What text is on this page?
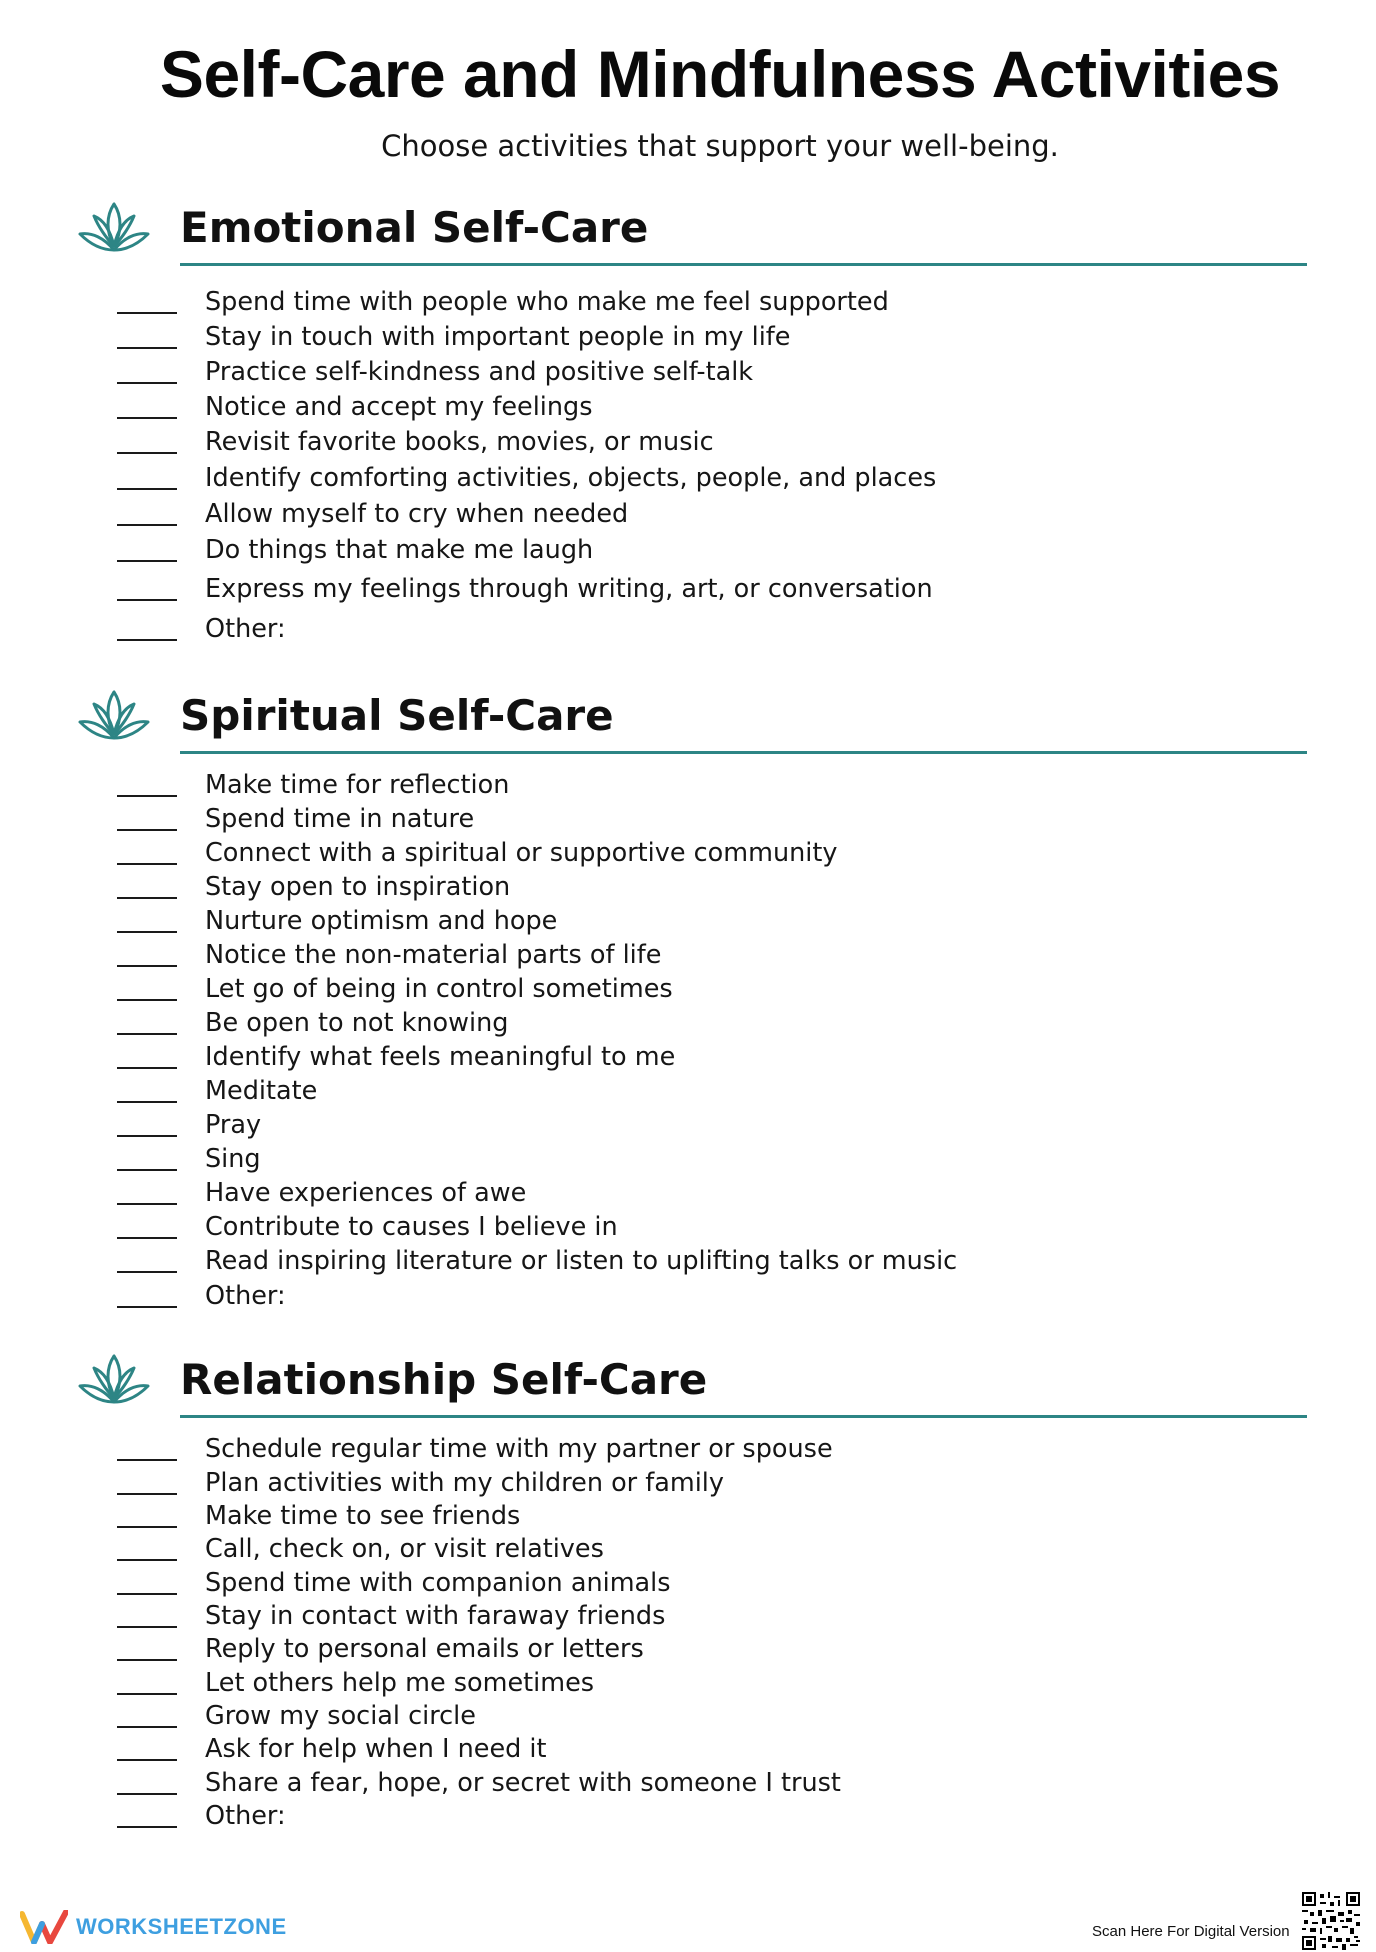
Self-Care and Mindfulness Activities
Choose activities that support your well-being.
Emotional Self-Care
Spend time with people who make me feel supported
Stay in touch with important people in my life
Practice self-kindness and positive self-talk
Notice and accept my feelings
Revisit favorite books, movies, or music
Identify comforting activities, objects, people, and places
Allow myself to cry when needed
Do things that make me laugh
Express my feelings through writing, art, or conversation
Other:
Spiritual Self-Care
Make time for reflection
Spend time in nature
Connect with a spiritual or supportive community
Stay open to inspiration
Nurture optimism and hope
Notice the non-material parts of life
Let go of being in control sometimes
Be open to not knowing
Identify what feels meaningful to me
Meditate
Pray
Sing
Have experiences of awe
Contribute to causes I believe in
Read inspiring literature or listen to uplifting talks or music
Other:
Relationship Self-Care
Schedule regular time with my partner or spouse
Plan activities with my children or family
Make time to see friends
Call, check on, or visit relatives
Spend time with companion animals
Stay in contact with faraway friends
Reply to personal emails or letters
Let others help me sometimes
Grow my social circle
Ask for help when I need it
Share a fear, hope, or secret with someone I trust
Other:
WORKSHEETZONE	Scan Here For Digital Version
